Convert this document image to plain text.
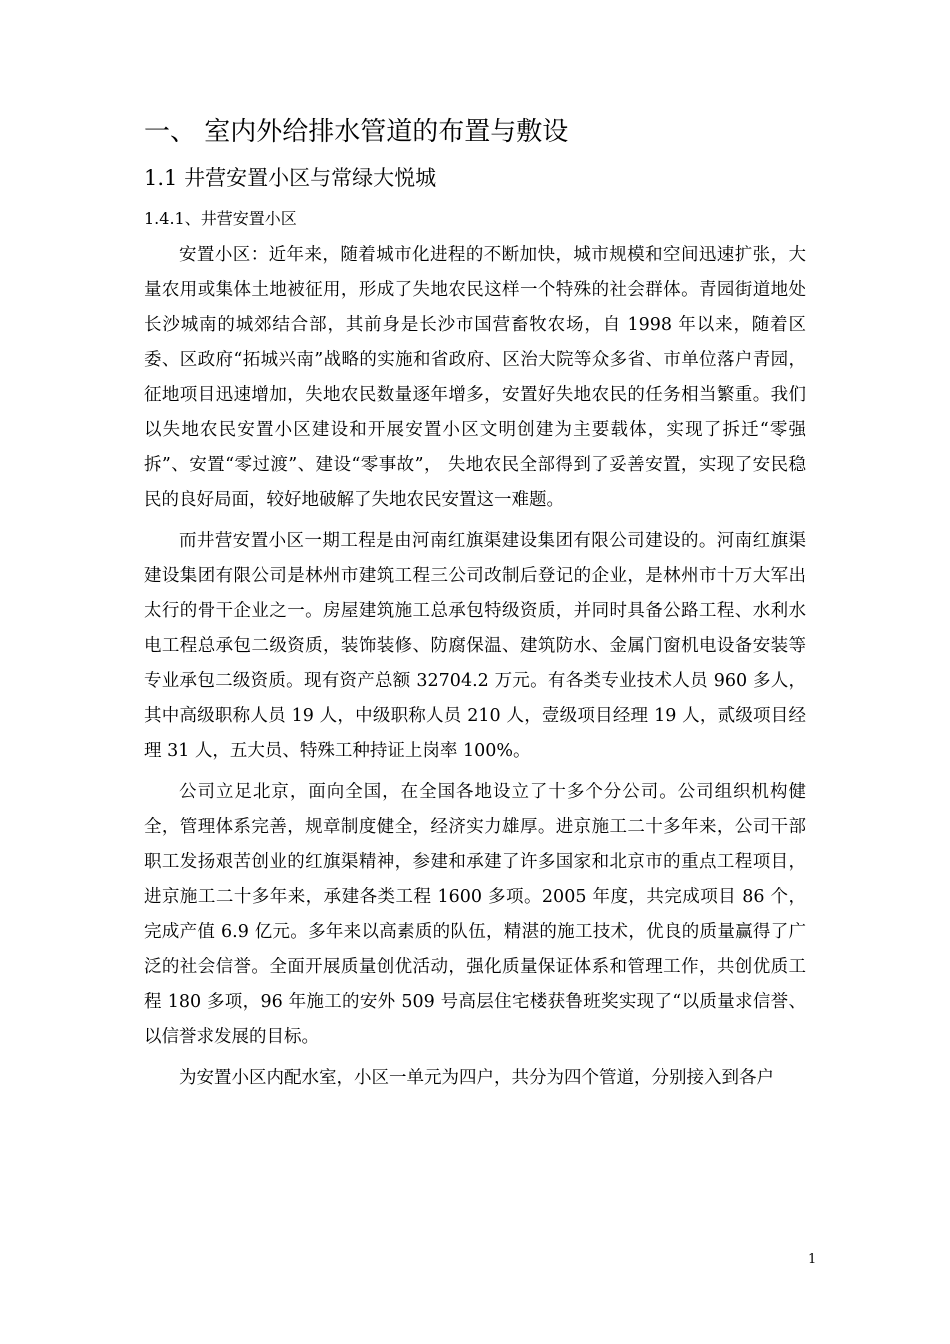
一、 室内外给排水管道的布置与敷设
1.1 井营安置小区与常绿大悦城
1.4.1、井营安置小区

安置小区：近年来，随着城市化进程的不断加快，城市规模和空间迅速扩张，大量农用或集体土地被征用，形成了失地农民这样一个特殊的社会群体。青园街道地处长沙城南的城郊结合部，其前身是长沙市国营畜牧农场，自 1998 年以来，随着区委、区政府“拓城兴南”战略的实施和省政府、区治大院等众多省、市单位落户青园，征地项目迅速增加，失地农民数量逐年增多，安置好失地农民的任务相当繁重。我们以失地农民安置小区建设和开展安置小区文明创建为主要载体，实现了拆迁“零强拆”、安置“零过渡”、建设“零事故”， 失地农民全部得到了妥善安置，实现了安民稳民的良好局面，较好地破解了失地农民安置这一难题。

而井营安置小区一期工程是由河南红旗渠建设集团有限公司建设的。河南红旗渠建设集团有限公司是林州市建筑工程三公司改制后登记的企业，是林州市十万大军出太行的骨干企业之一。房屋建筑施工总承包特级资质，并同时具备公路工程、水利水电工程总承包二级资质，装饰装修、防腐保温、建筑防水、金属门窗机电设备安装等专业承包二级资质。现有资产总额 32704.2 万元。有各类专业技术人员 960 多人，其中高级职称人员 19 人，中级职称人员 210 人，壹级项目经理 19 人，贰级项目经理 31 人，五大员、特殊工种持证上岗率 100%。

公司立足北京，面向全国，在全国各地设立了十多个分公司。公司组织机构健全，管理体系完善，规章制度健全，经济实力雄厚。进京施工二十多年来，公司干部职工发扬艰苦创业的红旗渠精神，参建和承建了许多国家和北京市的重点工程项目，进京施工二十多年来，承建各类工程 1600 多项。2005 年度，共完成项目 86 个，完成产值 6.9 亿元。多年来以高素质的队伍，精湛的施工技术，优良的质量赢得了广泛的社会信誉。全面开展质量创优活动，强化质量保证体系和管理工作，共创优质工程 180 多项，96 年施工的安外 509 号高层住宅楼获鲁班奖实现了“以质量求信誉、以信誉求发展的目标。

为安置小区内配水室，小区一单元为四户，共分为四个管道，分别接入到各户

1
